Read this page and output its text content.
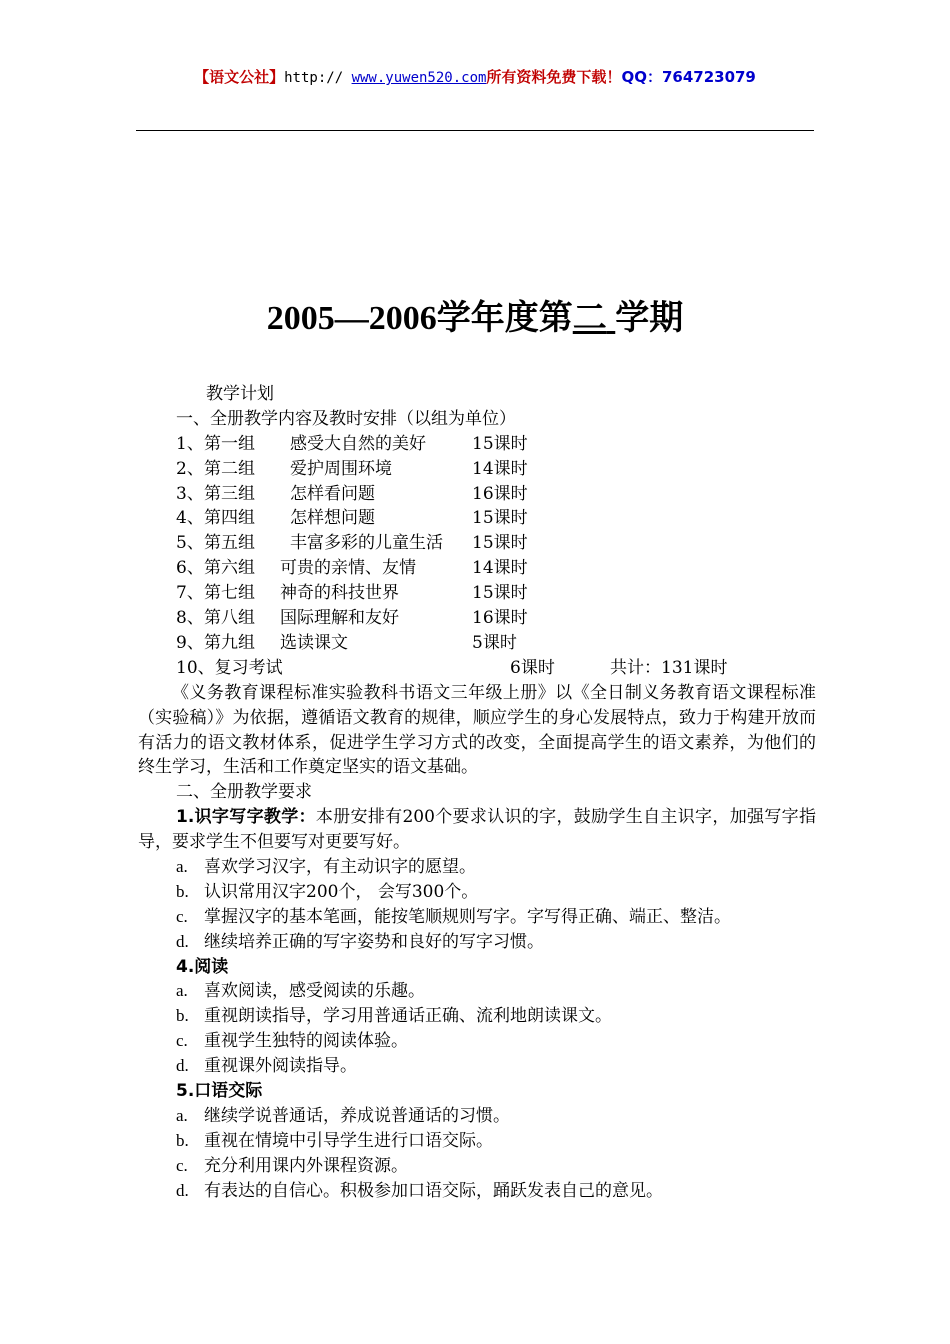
【语文公社】http:// www.yuwen520.com所有资料免费下载！QQ：764723079
2005—2006学年度第二 学期
教学计划
一、全册教学内容及教时安排（以组为单位）
1、 第一组	感受大自然的美好	15课时
2、 第二组	爱护周围环境	14课时
3、 第三组	怎样看问题	16课时
4、 第四组	怎样想问题	15课时
5、 第五组	丰富多彩的儿童生活	15课时
6、 第六组	可贵的亲情、友情	14课时
7、 第七组	神奇的科技世界	15课时
8、 第八组	国际理解和友好	16课时
9、 第九组	选读课文	5课时
10、复习考试	6课时	共计：131课时

《义务教育课程标准实验教科书语文三年级上册》以《全日制义务教育语文课程标准（实验稿）》为依据，遵循语文教育的规律，顺应学生的身心发展特点，致力于构建开放而有活力的语文教材体系，促进学生学习方式的改变，全面提高学生的语文素养，为他们的终生学习，生活和工作奠定坚实的语文基础。

二、全册教学要求

1.识字写字教学：本册安排有200个要求认识的字，鼓励学生自主识字，加强写字指导，要求学生不但要写对更要写好。

a. 喜欢学习汉字，有主动识字的愿望。
b. 认识常用汉字200个， 会写300个。
c. 掌握汉字的基本笔画，能按笔顺规则写字。字写得正确、端正、整洁。
d. 继续培养正确的写字姿势和良好的写字习惯。
4.阅读
a. 喜欢阅读，感受阅读的乐趣。
b. 重视朗读指导，学习用普通话正确、流利地朗读课文。
c. 重视学生独特的阅读体验。
d. 重视课外阅读指导。
5.口语交际
a. 继续学说普通话，养成说普通话的习惯。
b. 重视在情境中引导学生进行口语交际。
c. 充分利用课内外课程资源。
d. 有表达的自信心。积极参加口语交际，踊跃发表自己的意见。
